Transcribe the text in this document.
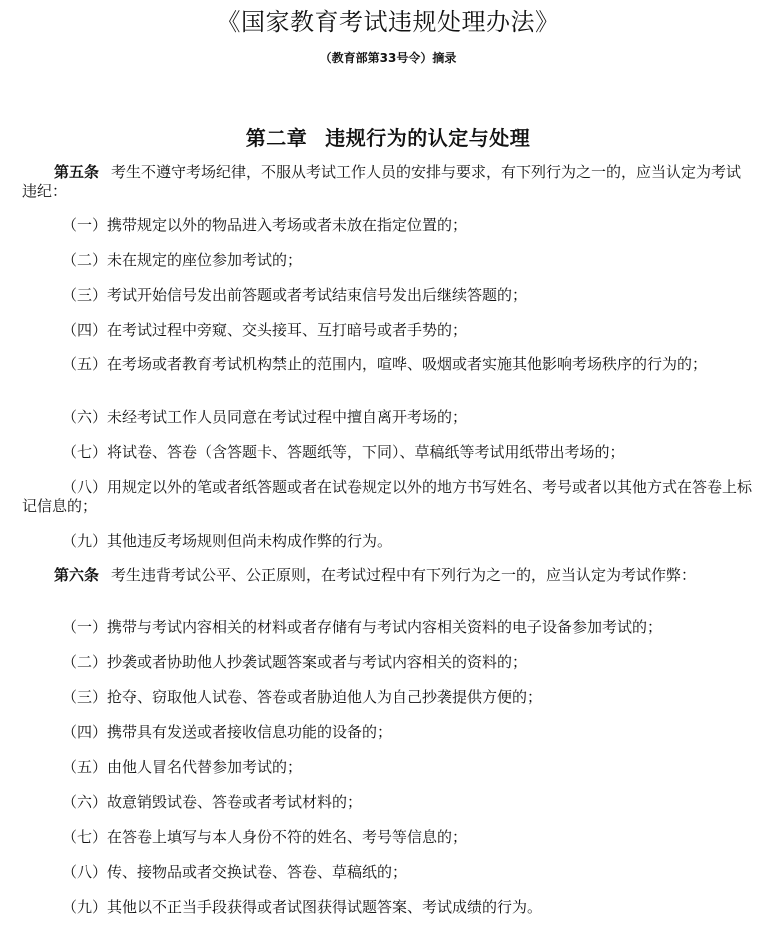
《国家教育考试违规处理办法》
（教育部第33号令）摘录
第二章 违规行为的认定与处理
第五条 考生不遵守考场纪律，不服从考试工作人员的安排与要求，有下列行为之一的，应当认定为考试违纪：
（一）携带规定以外的物品进入考场或者未放在指定位置的；
（二）未在规定的座位参加考试的；
（三）考试开始信号发出前答题或者考试结束信号发出后继续答题的；
（四）在考试过程中旁窥、交头接耳、互打暗号或者手势的；
（五）在考场或者教育考试机构禁止的范围内，喧哗、吸烟或者实施其他影响考场秩序的行为的；
（六）未经考试工作人员同意在考试过程中擅自离开考场的；
（七）将试卷、答卷（含答题卡、答题纸等，下同）、草稿纸等考试用纸带出考场的；
（八）用规定以外的笔或者纸答题或者在试卷规定以外的地方书写姓名、考号或者以其他方式在答卷上标记信息的；
（九）其他违反考场规则但尚未构成作弊的行为。
第六条 考生违背考试公平、公正原则，在考试过程中有下列行为之一的，应当认定为考试作弊：
（一）携带与考试内容相关的材料或者存储有与考试内容相关资料的电子设备参加考试的；
（二）抄袭或者协助他人抄袭试题答案或者与考试内容相关的资料的；
（三）抢夺、窃取他人试卷、答卷或者胁迫他人为自己抄袭提供方便的；
（四）携带具有发送或者接收信息功能的设备的；
（五）由他人冒名代替参加考试的；
（六）故意销毁试卷、答卷或者考试材料的；
（七）在答卷上填写与本人身份不符的姓名、考号等信息的；
（八）传、接物品或者交换试卷、答卷、草稿纸的；
（九）其他以不正当手段获得或者试图获得试题答案、考试成绩的行为。
